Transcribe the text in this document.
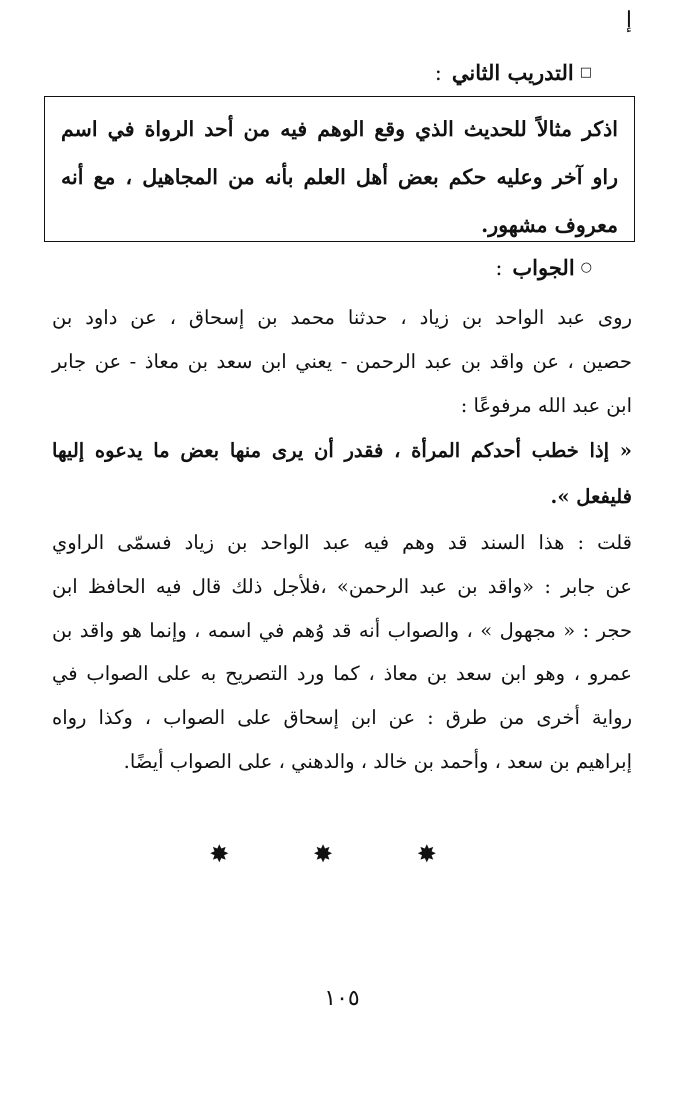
إ
□
التدريب الثاني
:
اذكر مثالاً للحديث الذي وقع الوهم فيه من أحد الرواة في اسم راو آخر وعليه حكم بعض أهل العلم بأنه من المجاهيل ، مع أنه معروف مشهور.
○
الجواب
:
روى عبد الواحد بن زياد ، حدثنا محمد بن إسحاق ، عن داود بن
حصين ، عن واقد بن عبد الرحمن - يعني ابن سعد بن معاذ - عن جابر
ابن عبد الله مرفوعًا :
« إذا خطب أحدكم المرأة ، فقدر أن يرى منها بعض ما يدعوه إليها
فليفعل ».
قلت : هذا السند قد وهم فيه عبد الواحد بن زياد فسمّى الراوي
عن جابر : «واقد بن عبد الرحمن» ،فلأجل ذلك قال فيه الحافظ ابن
حجر : « مجهول » ، والصواب أنه قد وُهم في اسمه ، وإنما هو واقد بن
عمرو ، وهو ابن سعد بن معاذ ، كما ورد التصريح به على الصواب في
رواية أخرى من طرق : عن ابن إسحاق على الصواب ، وكذا رواه
إبراهيم بن سعد ، وأحمد بن خالد ، والدهني ، على الصواب أيضًا.
✸ ✸ ✸
١٠٥
